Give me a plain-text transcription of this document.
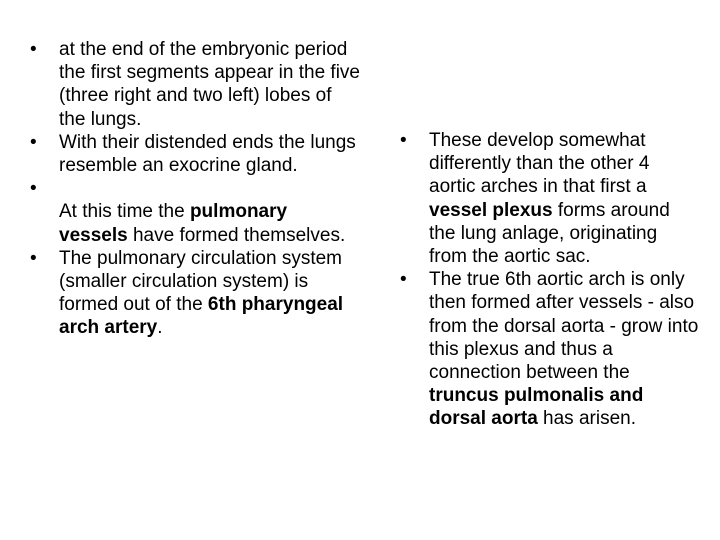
•	at the end of the embryonic period the first segments appear in the five (three right and two left) lobes of the lungs.
•	With their distended ends the lungs resemble an exocrine gland.
•
At this time the pulmonary vessels have formed themselves.
•	The pulmonary circulation system (smaller circulation system) is formed out of the 6th pharyngeal arch artery.
•	These develop somewhat differently than the other 4 aortic arches in that first a vessel plexus forms around the lung anlage, originating from the aortic sac.
•	The true 6th aortic arch is only then formed after vessels - also from the dorsal aorta - grow into this plexus and thus a connection between the truncus pulmonalis and dorsal aorta has arisen.
